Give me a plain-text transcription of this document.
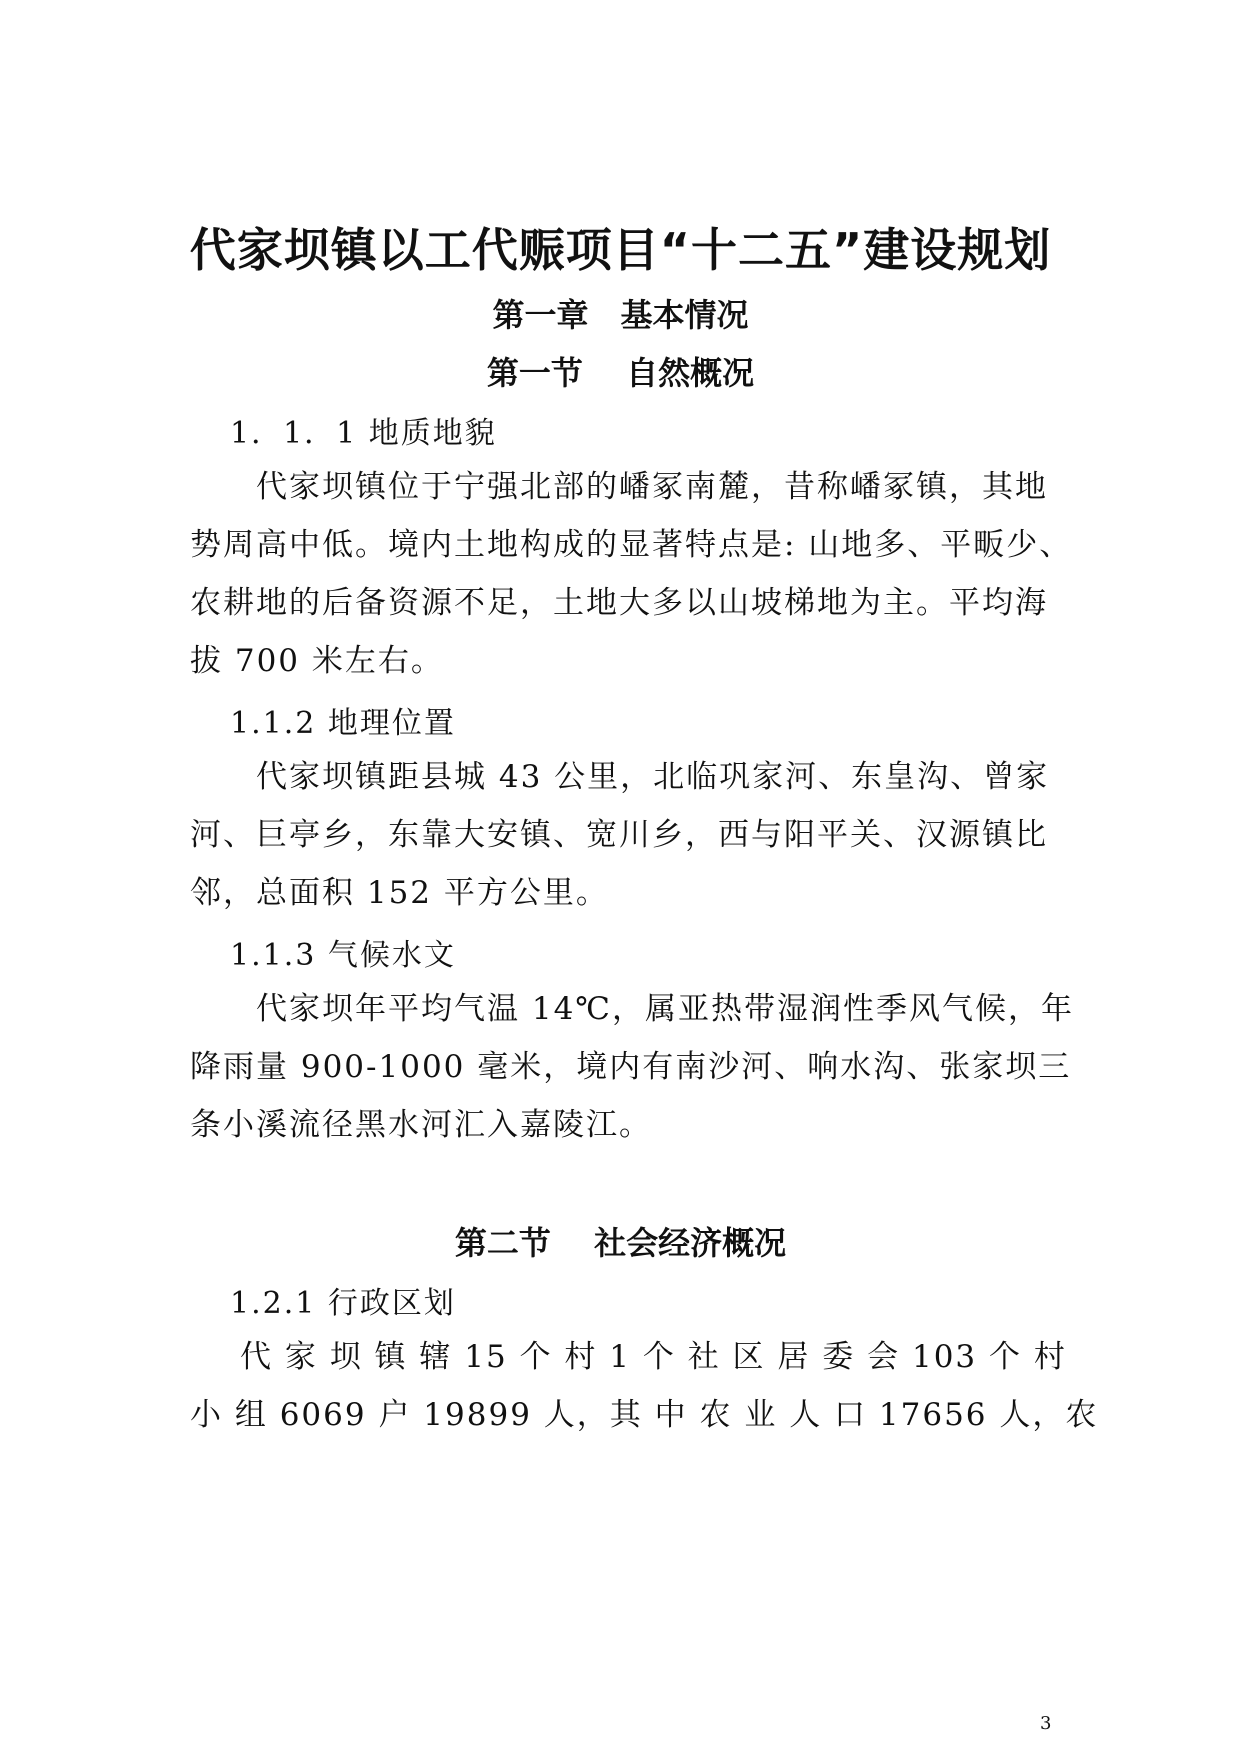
代家坝镇以工代赈项目“十二五”建设规划
第一章　基本情况
第一节　 自然概况
1．1．1 地质地貌
代家坝镇位于宁强北部的嶓冢南麓，昔称嶓冢镇，其地
势周高中低。境内土地构成的显著特点是: 山地多、平畈少、
农耕地的后备资源不足，土地大多以山坡梯地为主。平均海
拔 700 米左右。
1.1.2 地理位置
代家坝镇距县城 43 公里，北临巩家河、东皇沟、曾家
河、巨亭乡，东靠大安镇、宽川乡，西与阳平关、汉源镇比
邻，总面积 152 平方公里。
1.1.3 气候水文
代家坝年平均气温 14℃，属亚热带湿润性季风气候，年
降雨量 900-1000 毫米，境内有南沙河、响水沟、张家坝三
条小溪流径黑水河汇入嘉陵江。
第二节　 社会经济概况
1.2.1 行政区划
代 家 坝 镇 辖 15 个 村 1 个 社 区 居 委 会 103 个 村
小 组 6069 户 19899 人，其 中 农 业 人 口 17656 人，农
3
